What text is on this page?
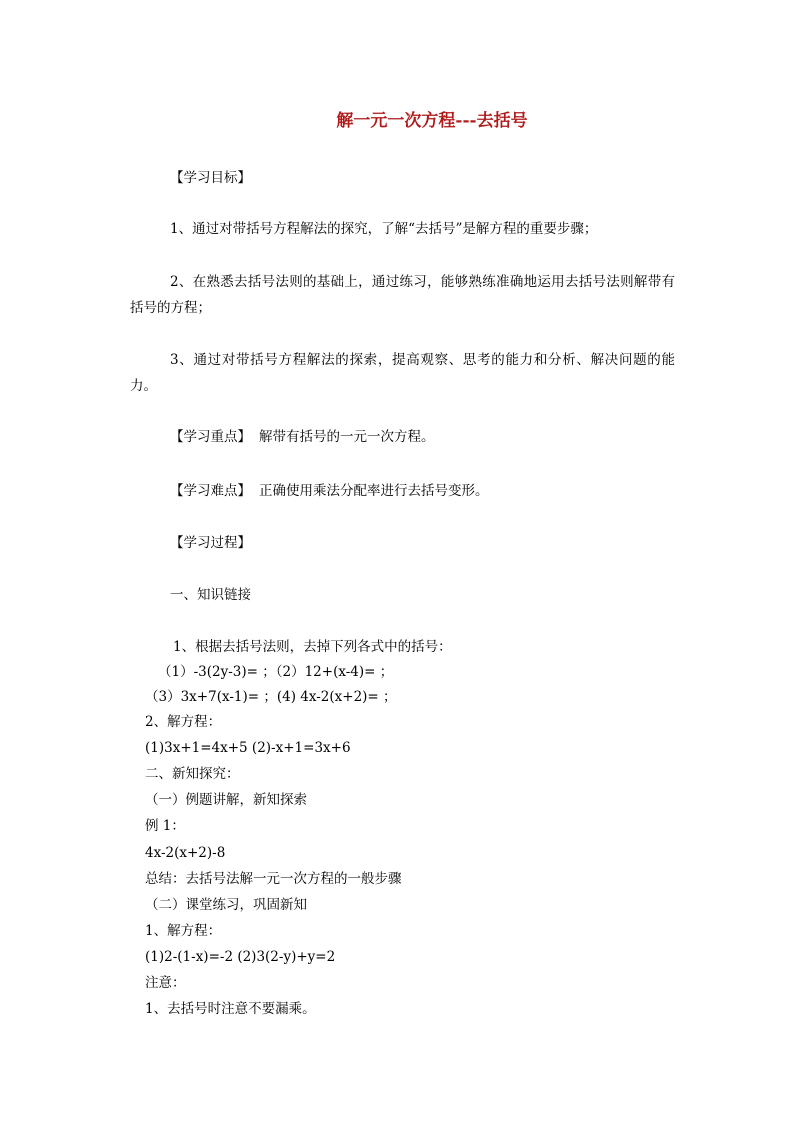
解一元一次方程---去括号
【学习目标】
1、通过对带括号方程解法的探究，了解“去括号”是解方程的重要步骤；
2、在熟悉去括号法则的基础上，通过练习，能够熟练准确地运用去括号法则解带有括号的方程；
3、通过对带括号方程解法的探索，提高观察、思考的能力和分析、解决问题的能力。
【学习重点】 解带有括号的一元一次方程。
【学习难点】 正确使用乘法分配率进行去括号变形。
【学习过程】
一、知识链接
1、根据去括号法则，去掉下列各式中的括号：
（1）-3(2y-3)= ；（2）12+(x-4)= ；
（3）3x+7(x-1)= ；(4) 4x-2(x+2)= ；
2、解方程：
(1)3x+1=4x+5 (2)-x+1=3x+6
二、新知探究：
（一）例题讲解，新知探索
例 1：
4x-2(x+2)-8
总结：去括号法解一元一次方程的一般步骤
（二）课堂练习，巩固新知
1、解方程：
(1)2-(1-x)=-2 (2)3(2-y)+y=2
注意：
1、去括号时注意不要漏乘。
